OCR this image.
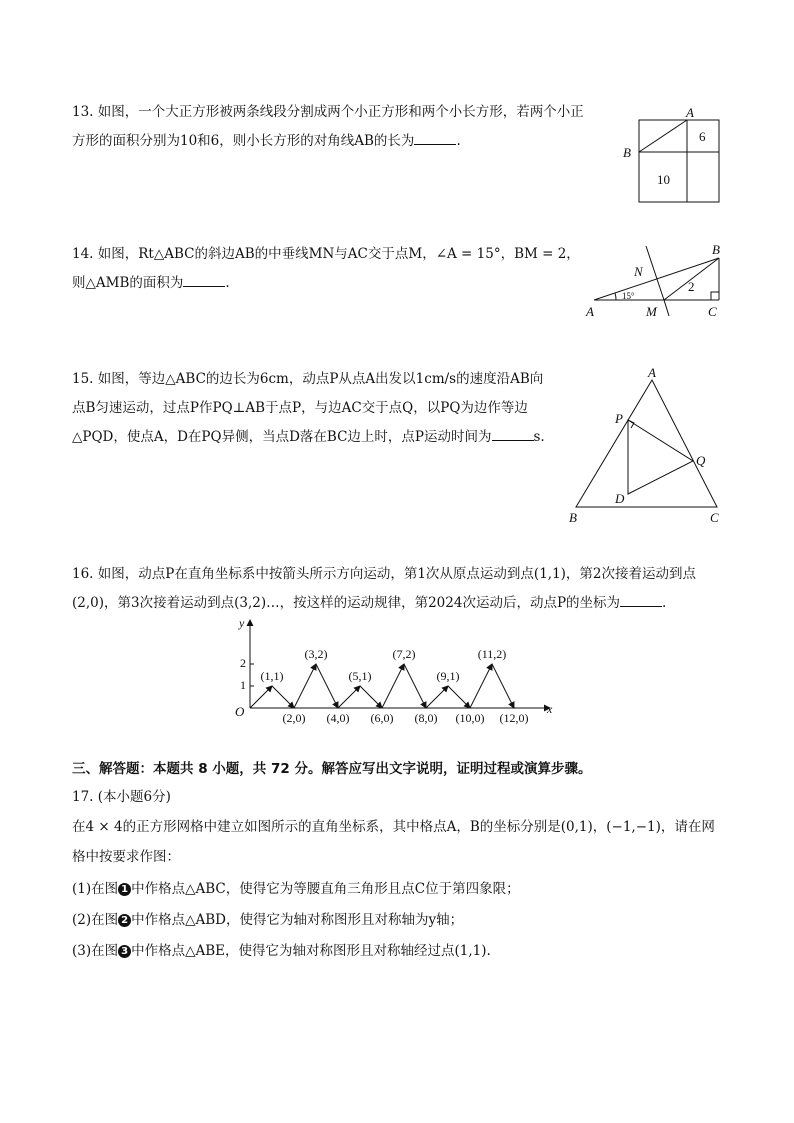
13. 如图，一个大正方形被两条线段分割成两个小正方形和两个小长方形，若两个小正
方形的面积分别为10和6，则小长方形的对角线AB的长为	.
A
B
6
10
14. 如图，Rt△ABC的斜边AB的中垂线MN与AC交于点M，∠A = 15°，BM = 2，
则△AMB的面积为	.
A
B
C
M
N
15°
2
15. 如图，等边△ABC的边长为6cm，动点P从点A出发以1cm/s的速度沿AB向
点B匀速运动，过点P作PQ⊥AB于点P，与边AC交于点Q，以PQ为边作等边
△PQD，使点A，D在PQ异侧，当点D落在BC边上时，点P运动时间为	s.
A
B	C
P
Q
D
16. 如图，动点P在直角坐标系中按箭头所示方向运动，第1次从原点运动到点(1,1)，第2次接着运动到点
(2,0)，第3次接着运动到点(3,2)…，按这样的运动规律，第2024次运动后，动点P的坐标为	.
x
y
O
1
2
(1,1)
(2,0)
(3,2)
(4,0)
(5,1)
(6,0)
(7,2)
(8,0)
(9,1)
(10,0)
(11,2)
(12,0)
三、解答题：本题共 8 小题，共 72 分。解答应写出文字说明，证明过程或演算步骤。
17. (本小题6分)
在4 × 4的正方形网格中建立如图所示的直角坐标系，其中格点A，B的坐标分别是(0,1)，(−1,−1)，请在网
格中按要求作图：
(1)在图 1 中作格点△ABC，使得它为等腰直角三角形且点C位于第四象限；
(2)在图 2 中作格点△ABD，使得它为轴对称图形且对称轴为y轴；
(3)在图 3 中作格点△ABE，使得它为轴对称图形且对称轴经过点(1,1).
